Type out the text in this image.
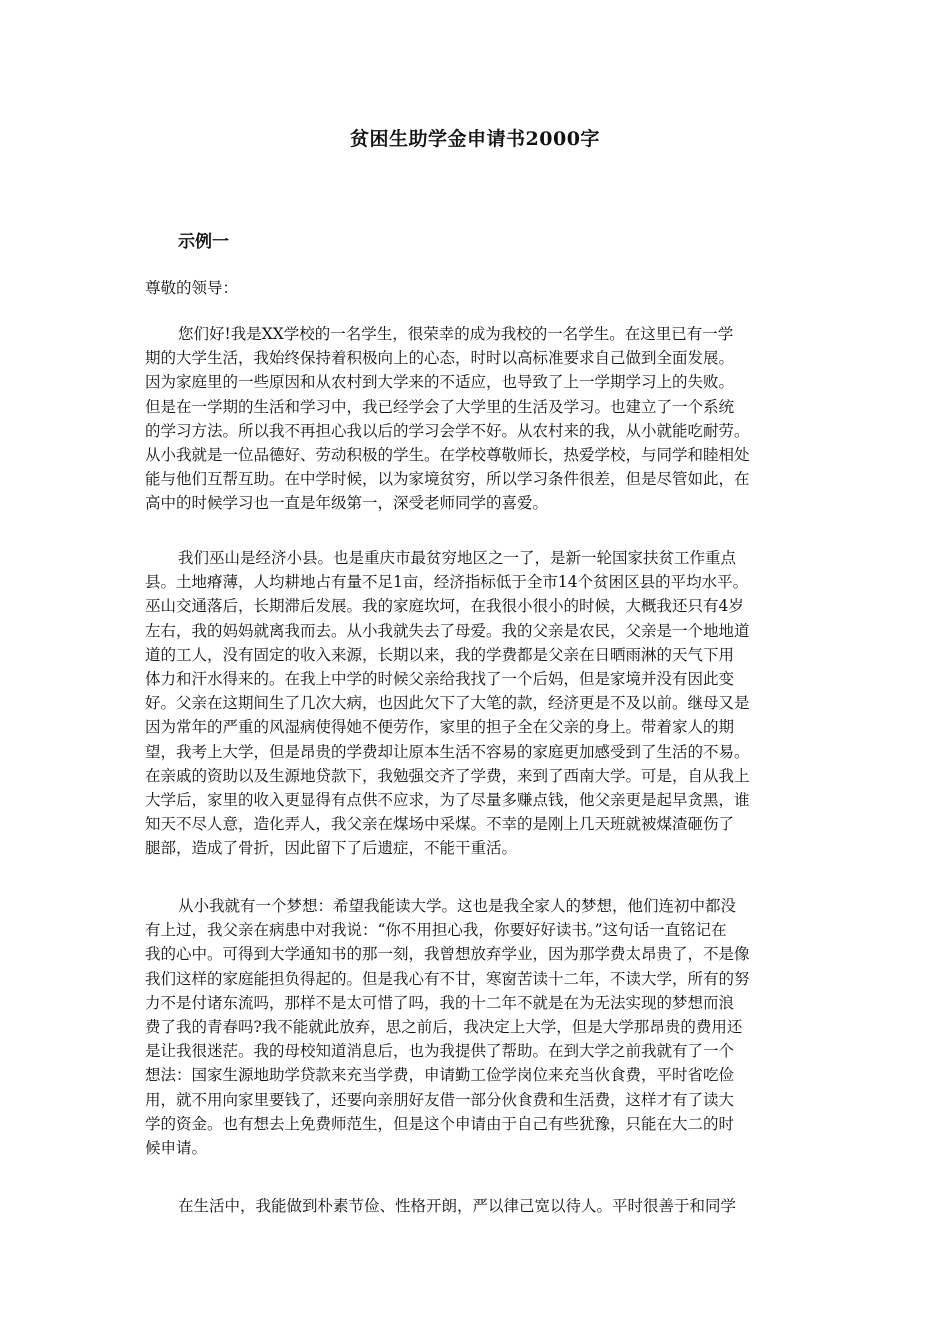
贫困生助学金申请书2000字
示例一
尊敬的领导：
您们好!我是XX学校的一名学生，很荣幸的成为我校的一名学生。在这里已有一学
期的大学生活，我始终保持着积极向上的心态，时时以高标准要求自己做到全面发展。
因为家庭里的一些原因和从农村到大学来的不适应，也导致了上一学期学习上的失败。
但是在一学期的生活和学习中，我已经学会了大学里的生活及学习。也建立了一个系统
的学习方法。所以我不再担心我以后的学习会学不好。从农村来的我，从小就能吃耐劳。
从小我就是一位品德好、劳动积极的学生。在学校尊敬师长，热爱学校，与同学和睦相处
能与他们互帮互助。在中学时候，以为家境贫穷，所以学习条件很差，但是尽管如此，在
高中的时候学习也一直是年级第一，深受老师同学的喜爱。
我们巫山是经济小县。也是重庆市最贫穷地区之一了，是新一轮国家扶贫工作重点
县。土地瘠薄，人均耕地占有量不足1亩，经济指标低于全市14个贫困区县的平均水平。
巫山交通落后，长期滞后发展。我的家庭坎坷，在我很小很小的时候，大概我还只有4岁
左右，我的妈妈就离我而去。从小我就失去了母爱。我的父亲是农民，父亲是一个地地道
道的工人，没有固定的收入来源，长期以来，我的学费都是父亲在日晒雨淋的天气下用
体力和汗水得来的。在我上中学的时候父亲给我找了一个后妈，但是家境并没有因此变
好。父亲在这期间生了几次大病，也因此欠下了大笔的款，经济更是不及以前。继母又是
因为常年的严重的风湿病使得她不便劳作，家里的担子全在父亲的身上。带着家人的期
望，我考上大学，但是昂贵的学费却让原本生活不容易的家庭更加感受到了生活的不易。
在亲戚的资助以及生源地贷款下，我勉强交齐了学费，来到了西南大学。可是，自从我上
大学后，家里的收入更显得有点供不应求，为了尽量多赚点钱，他父亲更是起早贪黑，谁
知天不尽人意，造化弄人，我父亲在煤场中采煤。不幸的是刚上几天班就被煤渣砸伤了
腿部，造成了骨折，因此留下了后遗症，不能干重活。
从小我就有一个梦想：希望我能读大学。这也是我全家人的梦想，他们连初中都没
有上过，我父亲在病患中对我说：“你不用担心我，你要好好读书。”这句话一直铭记在
我的心中。可得到大学通知书的那一刻，我曾想放弃学业，因为那学费太昂贵了，不是像
我们这样的家庭能担负得起的。但是我心有不甘，寒窗苦读十二年，不读大学，所有的努
力不是付诸东流吗，那样不是太可惜了吗，我的十二年不就是在为无法实现的梦想而浪
费了我的青春吗?我不能就此放弃，思之前后，我决定上大学，但是大学那昂贵的费用还
是让我很迷茫。我的母校知道消息后，也为我提供了帮助。在到大学之前我就有了一个
想法：国家生源地助学贷款来充当学费，申请勤工俭学岗位来充当伙食费，平时省吃俭
用，就不用向家里要钱了，还要向亲朋好友借一部分伙食费和生活费，这样才有了读大
学的资金。也有想去上免费师范生，但是这个申请由于自己有些犹豫，只能在大二的时
候申请。
在生活中，我能做到朴素节俭、性格开朗，严以律己宽以待人。平时很善于和同学
